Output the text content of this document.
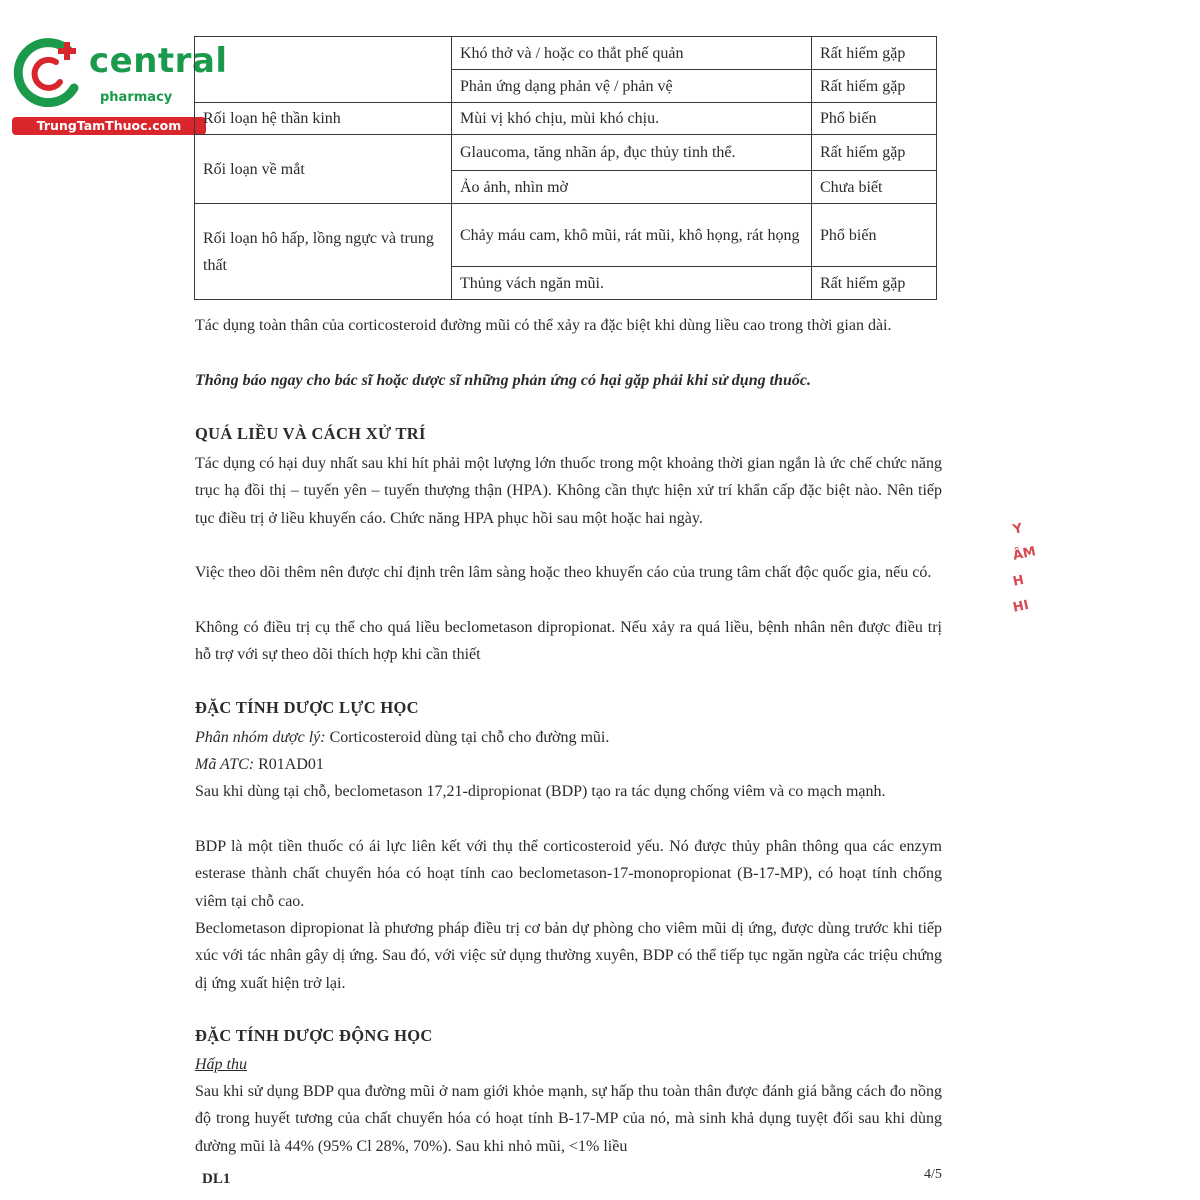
central
pharmacy
TrungTamThuoc.com
	Khó thở và / hoặc co thắt phế quản	Rất hiếm gặp
	Phản ứng dạng phản vệ / phản vệ	Rất hiếm gặp
Rối loạn hệ thần kinh	Mùi vị khó chịu, mùi khó chịu.	Phổ biến
Rối loạn về mắt	Glaucoma, tăng nhãn áp, đục thủy tinh thể.	Rất hiếm gặp
	Ảo ảnh, nhìn mờ	Chưa biết
Rối loạn hô hấp, lồng ngực và trung thất	Chảy máu cam, khô mũi, rát mũi, khô họng, rát họng	Phổ biến
	Thủng vách ngăn mũi.	Rất hiếm gặp
Tác dụng toàn thân của corticosteroid đường mũi có thể xảy ra đặc biệt khi dùng liều cao trong thời gian dài.
Thông báo ngay cho bác sĩ hoặc dược sĩ những phản ứng có hại gặp phải khi sử dụng thuốc.
QUÁ LIỀU VÀ CÁCH XỬ TRÍ
Tác dụng có hại duy nhất sau khi hít phải một lượng lớn thuốc trong một khoảng thời gian ngắn là ức chế chức năng trục hạ đồi thị – tuyến yên – tuyến thượng thận (HPA). Không cần thực hiện xử trí khẩn cấp đặc biệt nào. Nên tiếp tục điều trị ở liều khuyến cáo. Chức năng HPA phục hồi sau một hoặc hai ngày.
Việc theo dõi thêm nên được chỉ định trên lâm sàng hoặc theo khuyến cáo của trung tâm chất độc quốc gia, nếu có.
Không có điều trị cụ thể cho quá liều beclometason dipropionat. Nếu xảy ra quá liều, bệnh nhân nên được điều trị hỗ trợ với sự theo dõi thích hợp khi cần thiết
ĐẶC TÍNH DƯỢC LỰC HỌC
Phân nhóm dược lý: Corticosteroid dùng tại chỗ cho đường mũi.
Mã ATC: R01AD01
Sau khi dùng tại chỗ, beclometason 17,21-dipropionat (BDP) tạo ra tác dụng chống viêm và co mạch mạnh.
BDP là một tiền thuốc có ái lực liên kết với thụ thể corticosteroid yếu. Nó được thủy phân thông qua các enzym esterase thành chất chuyển hóa có hoạt tính cao beclometason-17-monopropionat (B-17-MP), có hoạt tính chống viêm tại chỗ cao.
Beclometason dipropionat là phương pháp điều trị cơ bản dự phòng cho viêm mũi dị ứng, được dùng trước khi tiếp xúc với tác nhân gây dị ứng. Sau đó, với việc sử dụng thường xuyên, BDP có thể tiếp tục ngăn ngừa các triệu chứng dị ứng xuất hiện trở lại.
ĐẶC TÍNH DƯỢC ĐỘNG HỌC
Hấp thu
Sau khi sử dụng BDP qua đường mũi ở nam giới khỏe mạnh, sự hấp thu toàn thân được đánh giá bằng cách đo nồng độ trong huyết tương của chất chuyển hóa có hoạt tính B-17-MP của nó, mà sinh khả dụng tuyệt đối sau khi dùng đường mũi là 44% (95% Cl 28%, 70%). Sau khi nhỏ mũi, <1% liều
Y
ÂM
H
HI
DL1	4/5
